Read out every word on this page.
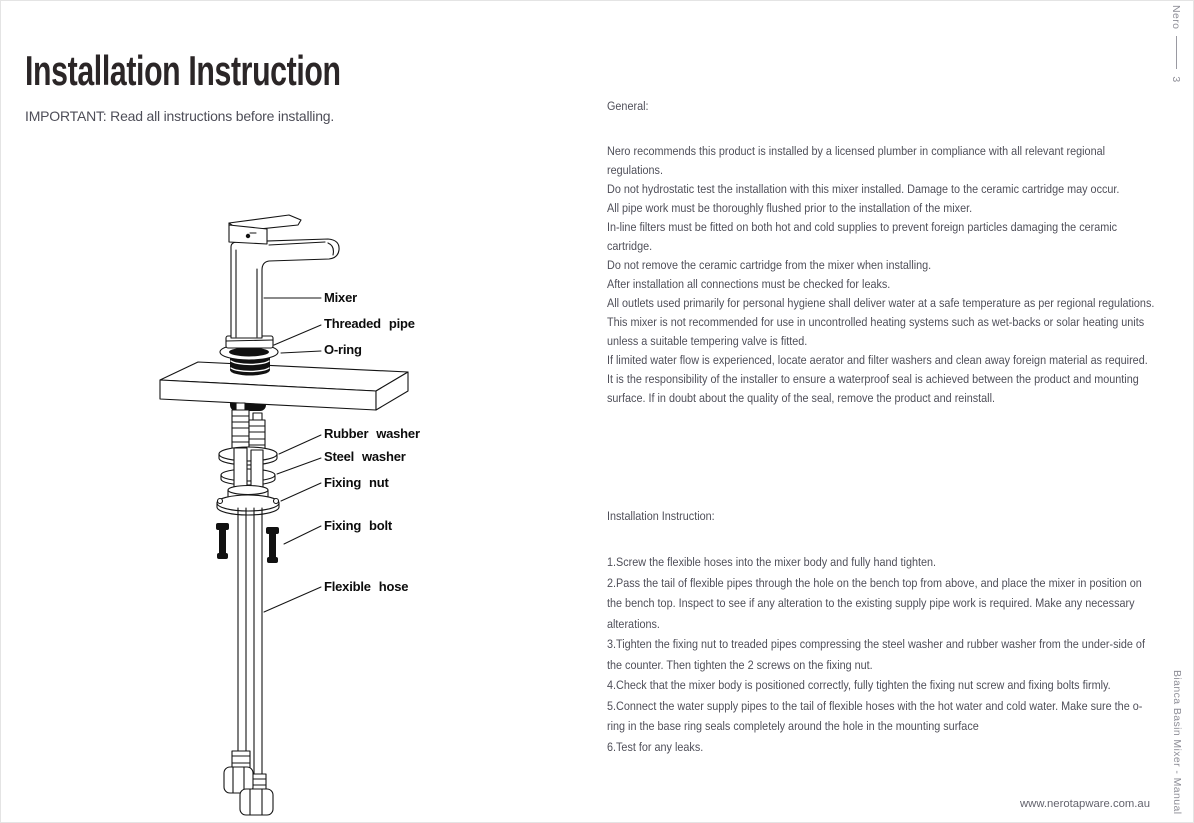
Installation Instruction
IMPORTANT: Read all instructions before installing.
Mixer
Threaded pipe
O-ring
Rubber washer
Steel washer
Fixing nut
Fixing bolt
Flexible hose

General:

Nero recommends this product is installed by a licensed plumber in compliance with all relevant regional regulations.

Do not hydrostatic test the installation with this mixer installed. Damage to the ceramic cartridge may occur.

All pipe work must be thoroughly flushed prior to the installation of the mixer.

In-line filters must be fitted on both hot and cold supplies to prevent foreign particles damaging the ceramic cartridge.

Do not remove the ceramic cartridge from the mixer when installing.

After installation all connections must be checked for leaks.

All outlets used primarily for personal hygiene shall deliver water at a safe temperature as per regional regulations.

This mixer is not recommended for use in uncontrolled heating systems such as wet-backs or solar heating units unless a suitable tempering valve is fitted.

If limited water flow is experienced, locate aerator and filter washers and clean away foreign material as required.

It is the responsibility of the installer to ensure a waterproof seal is achieved between the product and mounting surface. If in doubt about the quality of the seal, remove the product and reinstall.

Installation Instruction:

1.Screw the flexible hoses into the mixer body and fully hand tighten.

2.Pass the tail of flexible pipes through the hole on the bench top from above, and place the mixer in position on the bench top. Inspect to see if any alteration to the existing supply pipe work is required. Make any necessary alterations.

3.Tighten the fixing nut to treaded pipes compressing the steel washer and rubber washer from the under-side of the counter. Then tighten the 2 screws on the fixing nut.

4.Check that the mixer body is positioned correctly, fully tighten the fixing nut screw and fixing bolts firmly.

5.Connect the water supply pipes to the tail of flexible hoses with the hot water and cold water. Make sure the o-ring in the base ring seals completely around the hole in the mounting surface

6.Test for any leaks.

www.nerotapware.com.au
Nero3
Bianca Basin Mixer - Manual
